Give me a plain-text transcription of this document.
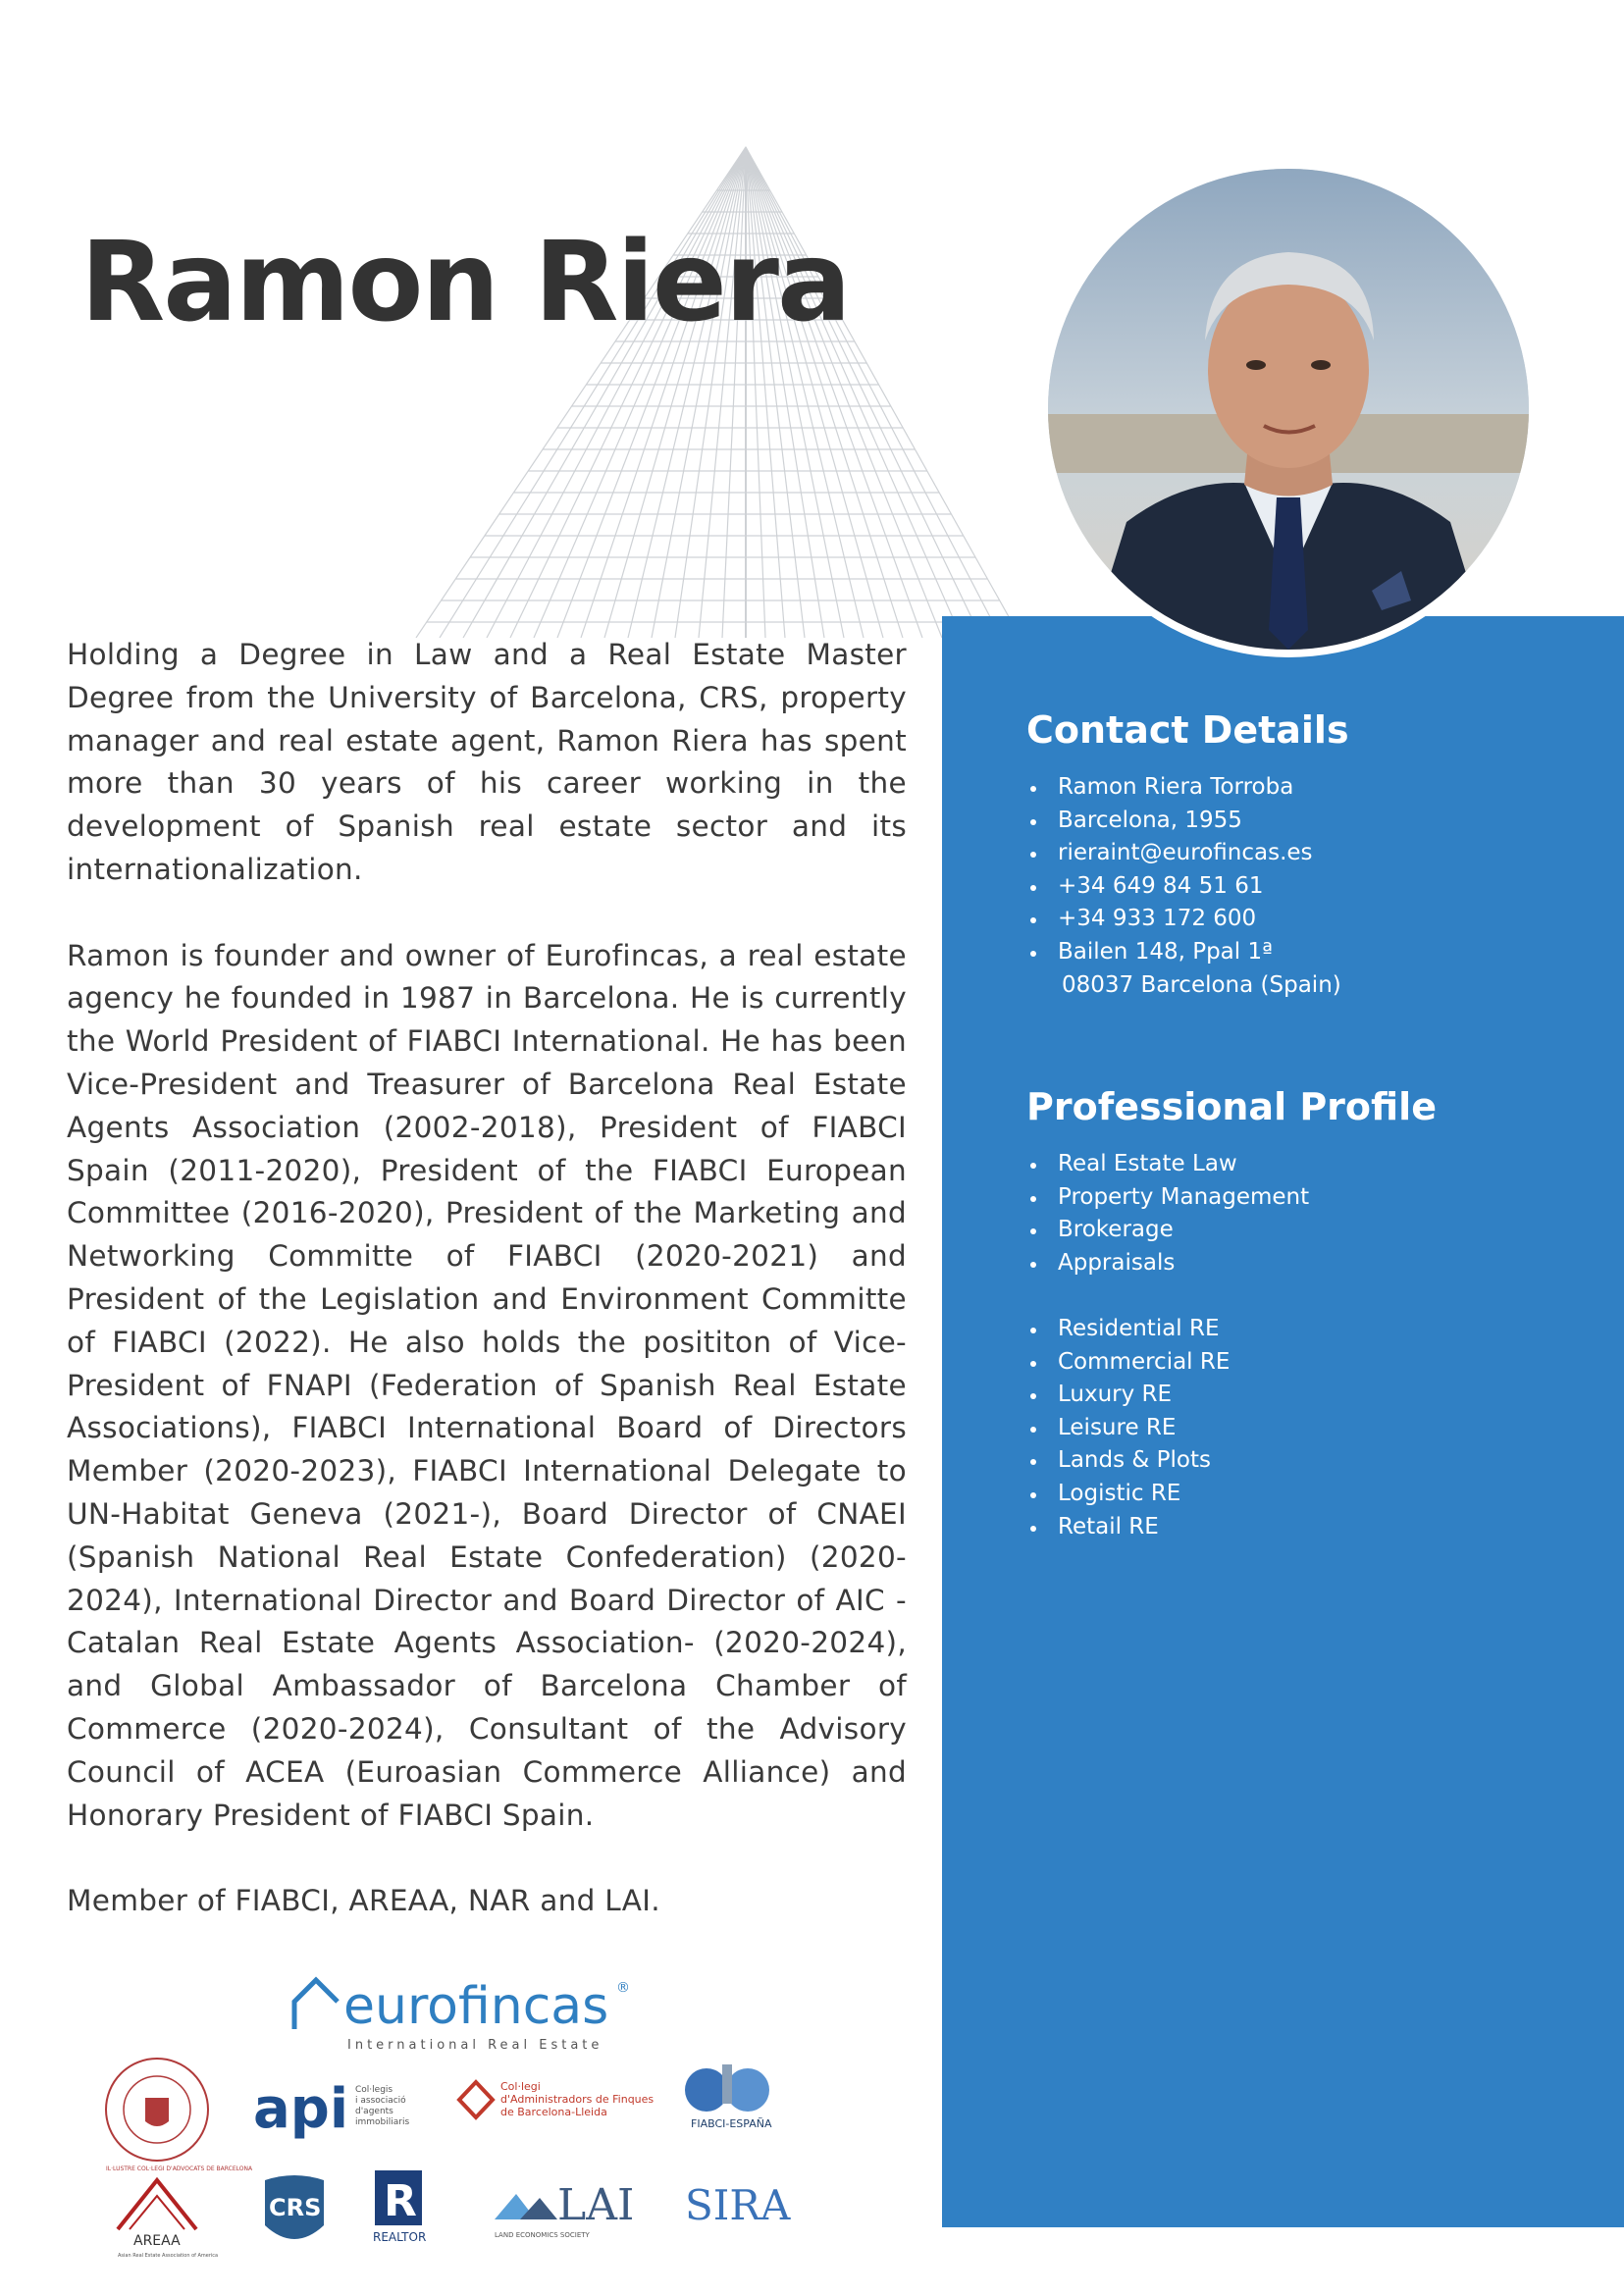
Ramon Riera
Contact Details
Ramon Riera Torroba
Barcelona, 1955
rieraint@eurofincas.es
+34 649 84 51 61
+34 933 172 600
Bailen 148, Ppal 1ª
08037 Barcelona (Spain)
Professional Profile
Real Estate Law
Property Management
Brokerage
Appraisals
Residential RE
Commercial RE
Luxury RE
Leisure RE
Lands & Plots
Logistic RE
Retail RE

Holding a Degree in Law and a Real Estate Master Degree from the University of Barcelona, CRS, property manager and real estate agent, Ramon Riera has spent more than 30 years of his career working in the development of Spanish real estate sector and its internationalization.

Ramon is founder and owner of Eurofincas, a real estate agency he founded in 1987 in Barcelona. He is currently the World President of FIABCI International. He has been Vice-President and Treasurer of Barcelona Real Estate Agents Association (2002-2018), President of FIABCI Spain (2011-2020), President of the FIABCI European Committee (2016-2020), President of the Marketing and Networking Committe of FIABCI (2020-2021) and President of the Legislation and Environment Committe of FIABCI (2022). He also holds the posititon of Vice-President of FNAPI (Federation of Spanish Real Estate Associations), FIABCI International Board of Directors Member (2020-2023), FIABCI International Delegate to UN-Habitat Geneva (2021-), Board Director of CNAEI (Spanish National Real Estate Confederation) (2020-2024), International Director and Board Director of AIC -Catalan Real Estate Agents Association- (2020-2024), and Global Ambassador of Barcelona Chamber of Commerce (2020-2024), Consultant of the Advisory Council of ACEA (Euroasian Commerce Alliance) and Honorary President of FIABCI Spain.

Member of FIABCI, AREAA, NAR and LAI.

eurofincas ®
International Real Estate
IL·LUSTRE COL·LEGI D'ADVOCATS DE BARCELONA
api Col·legis
i associació
d'agents
immobiliaris
Col·legi
d'Administradors de Finques
de Barcelona-Lleida
FIABCI-ESPAÑA
AREAA
Asian Real Estate Association of America
CRS R
REALTOR
LAI
LAND ECONOMICS SOCIETY
SIRA
